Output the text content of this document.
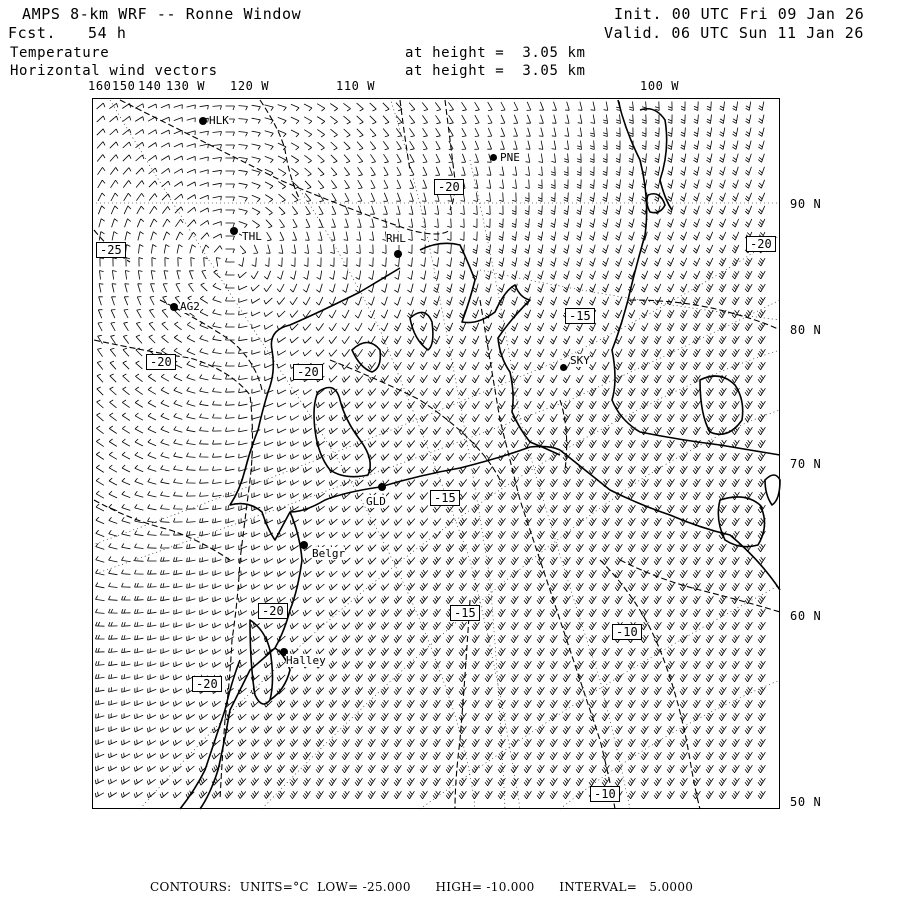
AMPS 8-km WRF -- Ronne Window
Fcst. 54 h
Init. 00 UTC Fri 09 Jan 26
Valid. 06 UTC Sun 11 Jan 26
Temperature
Horizontal wind vectors
at height =  3.05 km
at height =  3.05 km
160 150 140 130 W 120 W	110 W	100 W
90 N
80 N
70 N
60 N
50 N
HLK
PNE
THL	RHL
AG2
SKY
GLD
Belgr
Halley
-20
-25	-20
-20
-20
-15
-20
-15
-15
-20
-10
-10
CONTOURS:  UNITS=°C  LOW= -25.000      HIGH= -10.000      INTERVAL=   5.0000
